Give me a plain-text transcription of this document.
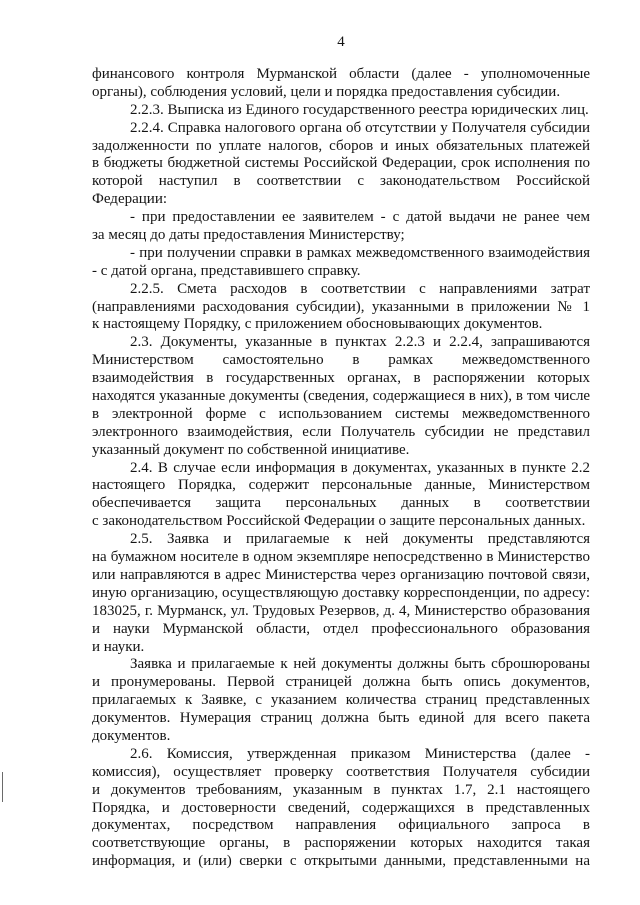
4
финансового контроля Мурманской области (далее - уполномоченные
органы), соблюдения условий, цели и порядка предоставления субсидии.
2.2.3. Выписка из Единого государственного реестра юридических лиц.
2.2.4. Справка налогового органа об отсутствии у Получателя субсидии
задолженности по уплате налогов, сборов и иных обязательных платежей
в бюджеты бюджетной системы Российской Федерации, срок исполнения по
которой наступил в соответствии с законодательством Российской
Федерации:
- при предоставлении ее заявителем - с датой выдачи не ранее чем
за месяц до даты предоставления Министерству;
- при получении справки в рамках межведомственного взаимодействия
- с датой органа, представившего справку.
2.2.5. Смета расходов в соответствии с направлениями затрат
(направлениями расходования субсидии), указанными в приложении № 1
к настоящему Порядку, с приложением обосновывающих документов.
2.3. Документы, указанные в пунктах 2.2.3 и 2.2.4, запрашиваются
Министерством самостоятельно в рамках межведомственного
взаимодействия в государственных органах, в распоряжении которых
находятся указанные документы (сведения, содержащиеся в них), в том числе
в электронной форме с использованием системы межведомственного
электронного взаимодействия, если Получатель субсидии не представил
указанный документ по собственной инициативе.
2.4. В случае если информация в документах, указанных в пункте 2.2
настоящего Порядка, содержит персональные данные, Министерством
обеспечивается защита персональных данных в соответствии
с законодательством Российской Федерации о защите персональных данных.
2.5. Заявка и прилагаемые к ней документы представляются
на бумажном носителе в одном экземпляре непосредственно в Министерство
или направляются в адрес Министерства через организацию почтовой связи,
иную организацию, осуществляющую доставку корреспонденции, по адресу:
183025, г. Мурманск, ул. Трудовых Резервов, д. 4, Министерство образования
и науки Мурманской области, отдел профессионального образования
и науки.
Заявка и прилагаемые к ней документы должны быть сброшюрованы
и пронумерованы. Первой страницей должна быть опись документов,
прилагаемых к Заявке, с указанием количества страниц представленных
документов. Нумерация страниц должна быть единой для всего пакета
документов.
2.6. Комиссия, утвержденная приказом Министерства (далее -
комиссия), осуществляет проверку соответствия Получателя субсидии
и документов требованиям, указанным в пунктах 1.7, 2.1 настоящего
Порядка, и достоверности сведений, содержащихся в представленных
документах, посредством направления официального запроса в
соответствующие органы, в распоряжении которых находится такая
информация, и (или) сверки с открытыми данными, представленными на
